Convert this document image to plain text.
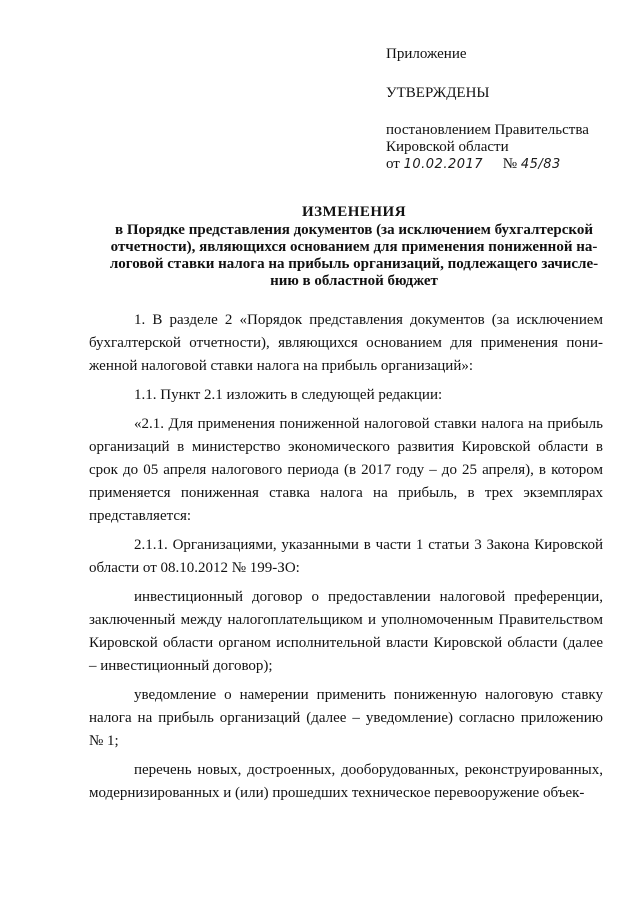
Приложение
УТВЕРЖДЕНЫ
постановлением Правительства
Кировской области
от 10.02.2017 № 45/83
ИЗМЕНЕНИЯ
в Порядке представления документов (за исключением бухгалтерской
отчетности), являющихся основанием для применения пониженной на-
логовой ставки налога на прибыль организаций, подлежащего зачисле-
нию в областной бюджет

1. В разделе 2 «Порядок представления документов (за исключением бухгалтерской отчетности), являющихся основанием для применения пониженной налоговой ставки налога на прибыль организаций»:

1.1. Пункт 2.1 изложить в следующей редакции:

«2.1. Для применения пониженной налоговой ставки налога на прибыль организаций в министерство экономического развития Кировской области в срок до 05 апреля налогового периода (в 2017 году – до 25 апреля), в котором применяется пониженная ставка налога на прибыль, в трех экземплярах представляется:

2.1.1. Организациями, указанными в части 1 статьи 3 Закона Кировской области от 08.10.2012 № 199-ЗО:

инвестиционный договор о предоставлении налоговой преференции, заключенный между налогоплательщиком и уполномоченным Правительством Кировской области органом исполнительной власти Кировской области (далее – инвестиционный договор);

уведомление о намерении применить пониженную налоговую ставку налога на прибыль организаций (далее – уведомление) согласно приложению № 1;

перечень новых, достроенных, дооборудованных, реконструированных, модернизированных и (или) прошедших техническое перевооружение объек-
